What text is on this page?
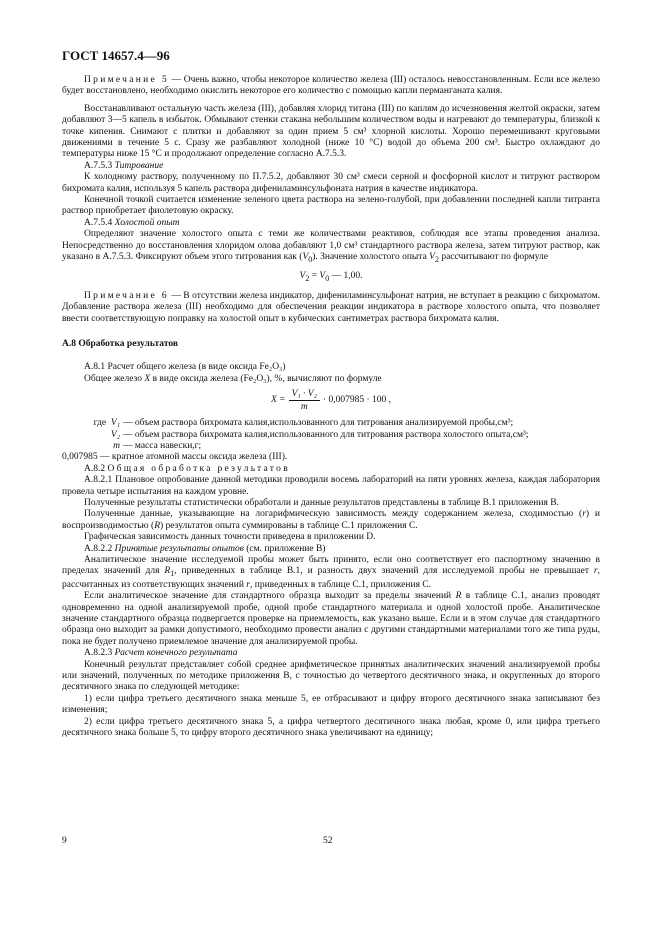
ГОСТ 14657.4—96

Примечание 5 — Очень важно, чтобы некоторое количество железа (III) осталось невосстановленным. Если все железо будет восстановлено, необходимо окислить некоторое его количество с помощью капли перманганата калия.

Восстанавливают остальную часть железа (III), добавляя хлорид титана (III) по каплям до исчезновения желтой окраски, затем добавляют 3—5 капель в избыток. Обмывают стенки стакана небольшим количеством воды и нагревают до температуры, близкой к точке кипения. Снимают с плитки и добавляют за один прием 5 см³ хлорной кислоты. Хорошо перемешивают круговыми движениями в течение 5 с. Сразу же разбавляют холодной (ниже 10 °С) водой до объема 200 см³. Быстро охлаждают до температуры ниже 15 °С и продолжают определение согласно А.7.5.3.

А.7.5.3 Титрование

К холодному раствору, полученному по П.7.5.2, добавляют 30 см³ смеси серной и фосфорной кислот и титруют раствором бихромата калия, используя 5 капель раствора дифениламинсульфоната натрия в качестве индикатора.

Конечной точкой считается изменение зеленого цвета раствора на зелено-голубой, при добавлении последней капли титранта раствор приобретает фиолетовую окраску.

А.7.5.4 Холостой опыт

Определяют значение холостого опыта с теми же количествами реактивов, соблюдая все этапы проведения анализа. Непосредственно до восстановления хлоридом олова добавляют 1,0 см³ стандартного раствора железа, затем титруют раствор, как указано в А.7.5.3. Фиксируют объем этого титрования как $(V_0)$. Значение холостого опыта $V_2$ рассчитывают по формуле

$V_2 = V_0$ — 1,00.

Примечание 6 — В отсутствии железа индикатор, дифениламинсульфонат натрия, не вступает в реакцию с бихроматом. Добавление раствора железа (III) необходимо для обеспечения реакции индикатора в растворе холостого опыта, что позволяет ввести соответствующую поправку на холостой опыт в кубических сантиметрах раствора бихромата калия.

А.8 Обработка результатов

А.8.1 Расчет общего железа (в виде оксида Fe₂O₃)

Общее железо X в виде оксида железа (Fe₂O₃), %, вычисляют по формуле

$X = \frac{\text{V₁ · V₂}}{m} \cdot 0,007985 \cdot 100$ ,
где V₁ — объем раствора бихромата калия,использованного для титрования анализируемой пробы,см³;
V₂ — объем раствора бихромата калия,использованного для титрования раствора холостого опыта,см³;
m — масса навески,г;

0,007985 — кратное атомной массы оксида железа (III).

А.8.2 Общая обработка результатов

А.8.2.1 Плановое опробование данной методики проводили восемь лабораторий на пяти уровнях железа, каждая лаборатория провела четыре испытания на каждом уровне.

Полученные результаты статистически обработали и данные результатов представлены в таблице В.1 приложения В.

Полученные данные, указывающие на логарифмическую зависимость между содержанием железа, сходимостью (r) и воспроизводимостью (R) результатов опыта суммированы в таблице С.1 приложения С.

Графическая зависимость данных точности приведена в приложении D.

А.8.2.2 Принятые результаты опытов (см. приложение В)

Аналитическое значение исследуемой пробы может быть принято, если оно соответствует его паспортному значению в пределах значений для $R_1$, приведенных в таблице В.1, и разность двух значений для исследуемой пробы не превышает r, рассчитанных из соответствующих значений r, приведенных в таблице С.1, приложения С.

Если аналитическое значение для стандартного образца выходит за пределы значений R в таблице С.1, анализ проводят одновременно на одной анализируемой пробе, одной пробе стандартного материала и одной холостой пробе. Аналитическое значение стандартного образца подвергается проверке на приемлемость, как указано выше. Если и в этом случае для стандартного образца оно выходит за рамки допустимого, необходимо провести анализ с другими стандартными материалами того же типа руды, пока не будет получено приемлемое значение для анализируемой пробы.

А.8.2.3 Расчет конечного результата

Конечный результат представляет собой среднее арифметическое принятых аналитических значений анализируемой пробы или значений, полученных по методике приложения В, с точностью до четвертого десятичного знака, и округленных до второго десятичного знака по следующей методике:

1) если цифра третьего десятичного знака меньше 5, ее отбрасывают и цифру второго десятичного знака записывают без изменения;

2) если цифра третьего десятичного знака 5, а цифра четвертого десятичного знака любая, кроме 0, или цифра третьего десятичного знака больше 5, то цифру второго десятичного знака увеличивают на единицу;

9	52
